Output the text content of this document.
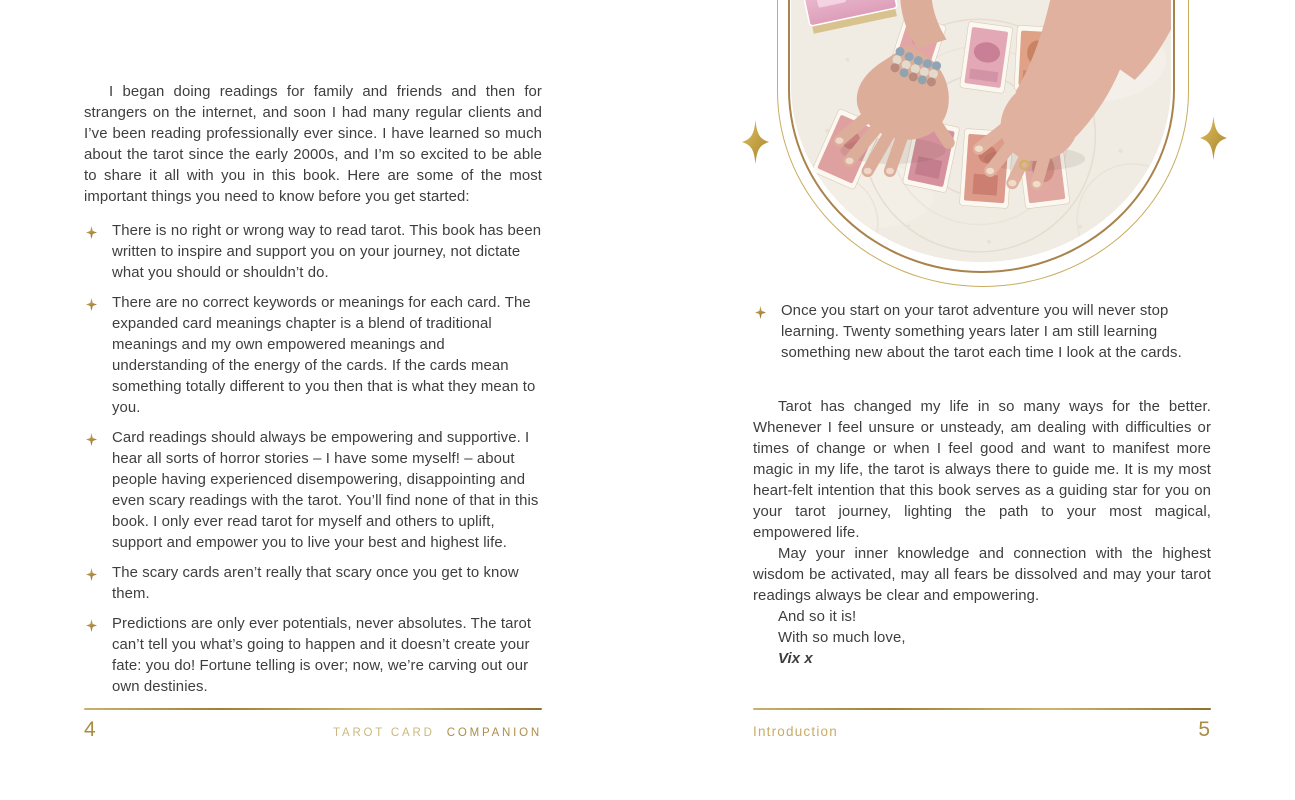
I began doing readings for family and friends and then for strangers on the internet, and soon I had many regular clients and I’ve been reading professionally ever since. I have learned so much about the tarot since the early 2000s, and I’m so excited to be able to share it all with you in this book. Here are some of the most important things you need to know before you get started:

There is no right or wrong way to read tarot. This book has been written to inspire and support you on your journey, not dictate what you should or shouldn’t do.
There are no correct keywords or meanings for each card. The expanded card meanings chapter is a blend of traditional meanings and my own empowered meanings and understanding of the energy of the cards. If the cards mean something totally different to you then that is what they mean to you.
Card readings should always be empowering and supportive. I hear all sorts of horror stories – I have some myself! – about people having experienced disempowering, disappointing and even scary readings with the tarot. You’ll find none of that in this book. I only ever read tarot for myself and others to uplift, support and empower you to live your best and highest life.
The scary cards aren’t really that scary once you get to know them.
Predictions are only ever potentials, never absolutes. The tarot can’t tell you what’s going to happen and it doesn’t create your fate: you do! Fortune telling is over; now, we’re carving out our own destinies.
4	TAROT CARD COMPANION
Once you start on your tarot adventure you will never stop learning. Twenty something years later I am still learning something new about the tarot each time I look at the cards.

Tarot has changed my life in so many ways for the better. Whenever I feel unsure or unsteady, am dealing with difficulties or times of change or when I feel good and want to manifest more magic in my life, the tarot is always there to guide me. It is my most heart-felt intention that this book serves as a guiding star for you on your tarot journey, lighting the path to your most magical, empowered life.

May your inner knowledge and connection with the highest wisdom be activated, may all fears be dissolved and may your tarot readings always be clear and empowering.

And so it is!
With so much love,
Vix x
Introduction	5
